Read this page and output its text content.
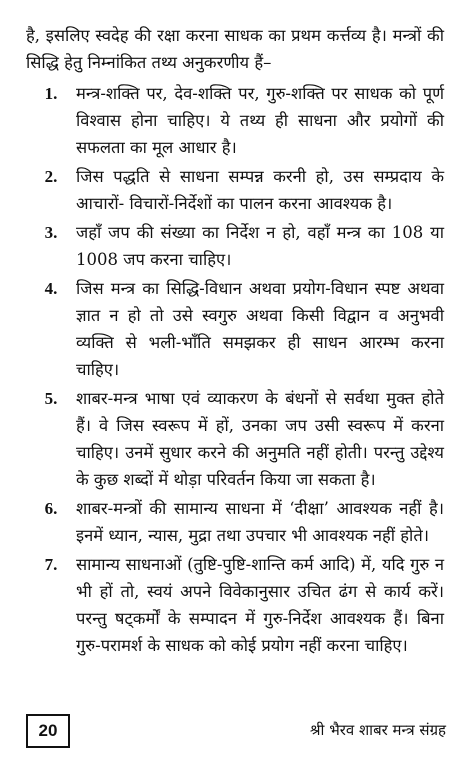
है, इसलिए स्वदेह की रक्षा करना साधक का प्रथम कर्त्तव्य है। मन्त्रों की सिद्धि हेतु निम्नांकित तथ्य अनुकरणीय हैं–

1.	मन्त्र-शक्ति पर, देव-शक्ति पर, गुरु-शक्ति पर साधक को पूर्ण विश्वास होना चाहिए। ये तथ्य ही साधना और प्रयोगों की सफलता का मूल आधार है।
2.	जिस पद्धति से साधना सम्पन्न करनी हो, उस सम्प्रदाय के आचारों- विचारों-निर्देशों का पालन करना आवश्यक है।
3.	जहाँ जप की संख्या का निर्देश न हो, वहाँ मन्त्र का 108 या 1008 जप करना चाहिए।
4.	जिस मन्त्र का सिद्धि-विधान अथवा प्रयोग-विधान स्पष्ट अथवा ज्ञात न हो तो उसे स्वगुरु अथवा किसी विद्वान व अनुभवी व्यक्ति से भली-भाँति समझकर ही साधन आरम्भ करना चाहिए।
5.	शाबर-मन्त्र भाषा एवं व्याकरण के बंधनों से सर्वथा मुक्त होते हैं। वे जिस स्वरूप में हों, उनका जप उसी स्वरूप में करना चाहिए। उनमें सुधार करने की अनुमति नहीं होती। परन्तु उद्देश्य के कुछ शब्दों में थोड़ा परिवर्तन किया जा सकता है।
6.	शाबर-मन्त्रों की सामान्य साधना में ‘दीक्षा’ आवश्यक नहीं है। इनमें ध्यान, न्यास, मुद्रा तथा उपचार भी आवश्यक नहीं होते।
7.	सामान्य साधनाओं (तुष्टि-पुष्टि-शान्ति कर्म आदि) में, यदि गुरु न भी हों तो, स्वयं अपने विवेकानुसार उचित ढंग से कार्य करें। परन्तु षट्कर्मों के सम्पादन में गुरु-निर्देश आवश्यक हैं। बिना गुरु-परामर्श के साधक को कोई प्रयोग नहीं करना चाहिए।
20	श्री भैरव शाबर मन्त्र संग्रह
